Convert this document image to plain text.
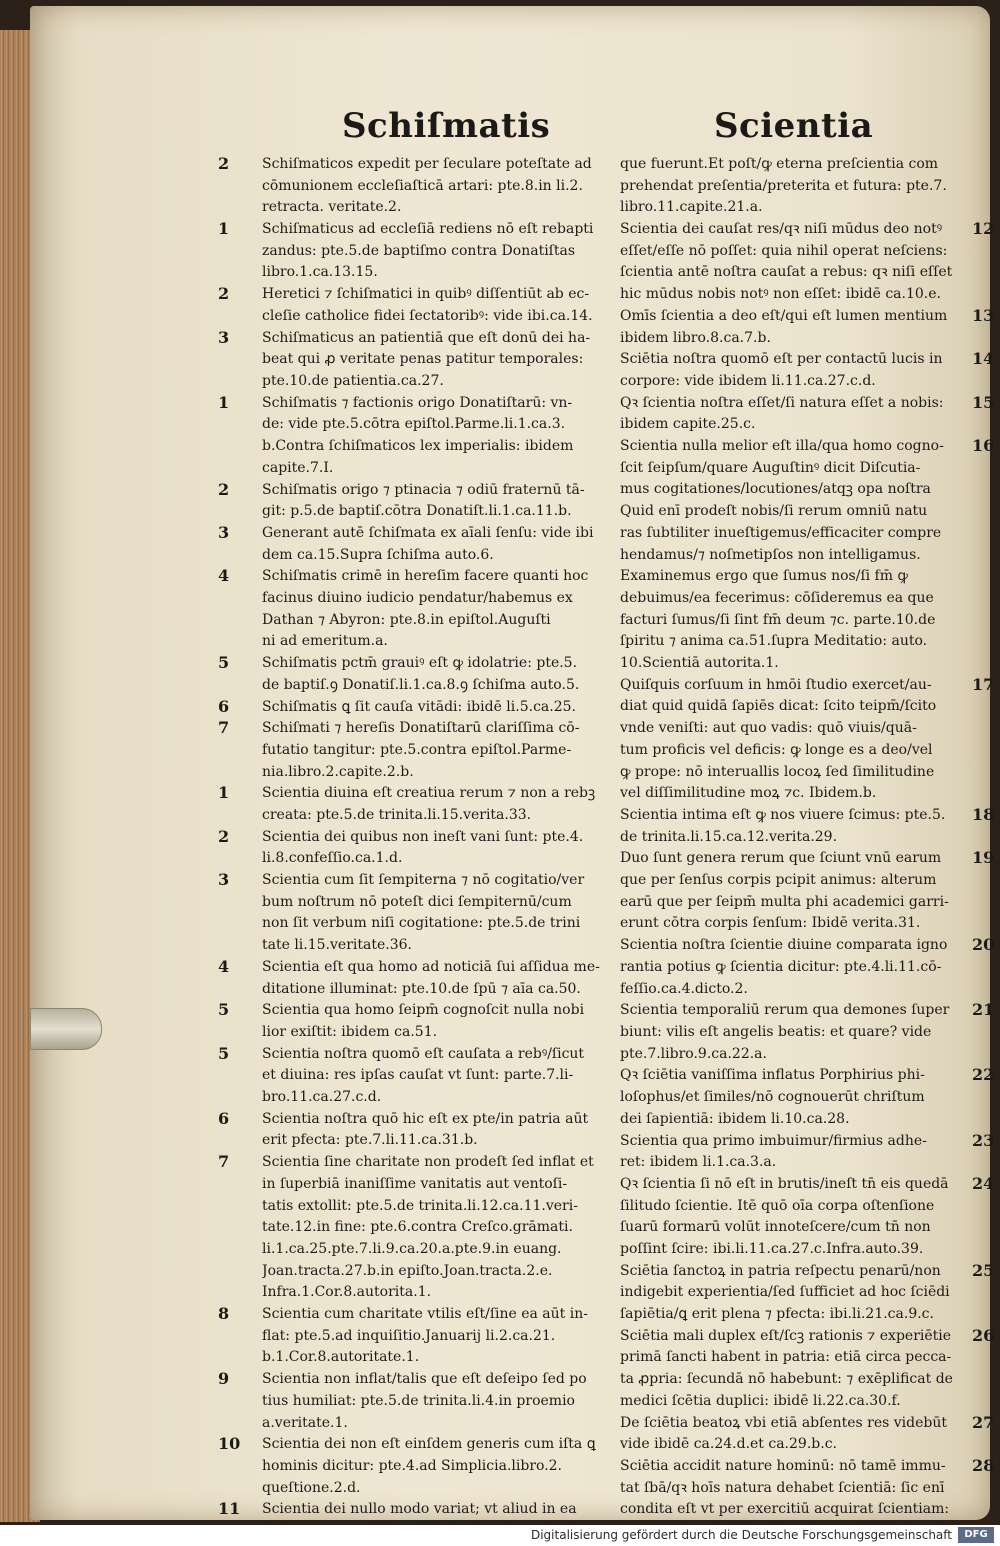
Schiſmatis	Scientia
2 Schiſmaticos expedit per ſeculare poteſtate ad
cōmunionem eccleſiaſticā artari: pte.8.in li.2.
retracta. veritate.2.
1 Schiſmaticus ad eccleſiā rediens nō eſt rebapti
zandus: pte.5.de baptiſmo contra Donatiſtas
libro.1.ca.13.15.
2 Heretici ⁊ ſchiſmatici in quibꝰ diſſentiūt ab ec-
cleſie catholice fidei ſectatoribꝰ: vide ibi.ca.14.
3 Schiſmaticus an patientiā que eſt donū dei ha-
beat qui ꝓ veritate penas patitur temporales:
pte.10.de patientia.ca.27.
1 Schiſmatis ⁊ factionis origo Donatiſtarū: vn-
de: vide pte.5.cōtra epiſtol.Parme.li.1.ca.3.
b.Contra ſchiſmaticos lex imperialis: ibidem
capite.7.I.
2 Schiſmatis origo ⁊ ptinacia ⁊ odiū fraternū tā-
git: p.5.de baptiſ.cōtra Donatiſt.li.1.ca.11.b.
3 Generant autē ſchiſmata ex aīali ſenſu: vide ibi
dem ca.15.Supra ſchiſma auto.6.
4 Schiſmatis crimē in hereſim facere quanti hoc
facinus diuino iudicio pendatur/habemus ex
Dathan ⁊ Abyron: pte.8.in epiſtol.Auguſti
ni ad emeritum.a.
5 Schiſmatis pctm̄ grauiꝰ eſt ꝙ idolatrie: pte.5.
de baptiſ.ꝯ Donatiſ.li.1.ca.8.ꝯ ſchiſma auto.5.
6 Schiſmatis ꝗ ſit cauſa vitādi: ibidē li.5.ca.25.
7 Schiſmati ⁊ hereſis Donatiſtarū clariſſima cō-
futatio tangitur: pte.5.contra epiſtol.Parme-
nia.libro.2.capite.2.b.
1 Scientia diuina eſt creatiua rerum ⁊ non a rebꝫ
creata: pte.5.de trinita.li.15.verita.33.
2 Scientia dei quibus non ineſt vani ſunt: pte.4.
li.8.confeſſio.ca.1.d.
3 Scientia cum ſit ſempiterna ⁊ nō cogitatio/ver
bum noſtrum nō poteſt dici ſempiternū/cum
non ſit verbum niſi cogitatione: pte.5.de trini
tate li.15.veritate.36.
4 Scientia eſt qua homo ad noticiā ſui aſſidua me-
ditatione illuminat: pte.10.de ſpū ⁊ aīa ca.50.
5 Scientia qua homo ſeipm̄ cognoſcit nulla nobi
lior exiſtit: ibidem ca.51.
5 Scientia noſtra quomō eſt cauſata a rebꝰ/ſicut
et diuina: res ipſas cauſat vt ſunt: parte.7.li-
bro.11.ca.27.c.d.
6 Scientia noſtra quō hic eſt ex pte/in patria aūt
erit pfecta: pte.7.li.11.ca.31.b.
7 Scientia ſine charitate non prodeſt ſed inflat et
in ſuperbiā inaniſſime vanitatis aut ventoſi-
tatis extollit: pte.5.de trinita.li.12.ca.11.veri-
tate.12.in fine: pte.6.contra Creſco.grāmati.
li.1.ca.25.pte.7.li.9.ca.20.a.pte.9.in euang.
Joan.tracta.27.b.in epiſto.Joan.tracta.2.e.
Infra.1.Cor.8.autorita.1.
8 Scientia cum charitate vtilis eſt/ſine ea aūt in-
flat: pte.5.ad inquiſitio.Januarij li.2.ca.21.
b.1.Cor.8.autoritate.1.
9 Scientia non inflat/talis que eſt deſeipo ſed po
tius humiliat: pte.5.de trinita.li.4.in proemio
a.veritate.1.
10 Scientia dei non eſt einſdem generis cum iſta ꝗ
hominis dicitur: pte.4.ad Simplicia.libro.2.
queſtione.2.d.
11 Scientia dei nullo modo variat; vt aliud in ea
que fuerunt.Et poſt/ꝙ eterna preſcientia com
prehendat preſentia/preterita et futura: pte.7.
libro.11.capite.21.a.
12
Scientia dei cauſat res/qꝛ niſi mūdus deo notꝰ
eſſet/eſſe nō poſſet: quia nihil operat neſciens:
ſcientia antē noſtra cauſat a rebus: qꝛ niſi eſſet
hic mūdus nobis notꝰ non eſſet: ibidē ca.10.e.
13
Omīs ſcientia a deo eſt/qui eſt lumen mentium
ibidem libro.8.ca.7.b.
14
Sciētia noſtra quomō eſt per contactū lucis in
corpore: vide ibidem li.11.ca.27.c.d.
15
Qꝛ ſcientia noſtra eſſet/ſi natura eſſet a nobis:
ibidem capite.25.c.
16
Scientia nulla melior eſt illa/qua homo cogno-
ſcit ſeipſum/quare Auguſtinꝰ dicit Diſcutia-
mus cogitationes/locutiones/atqꝫ opa noſtra
Quid enī prodeſt nobis/ſi rerum omniū natu
ras ſubtiliter inueſtigemus/efficaciter compre
hendamus/⁊ noſmetipſos non intelligamus.
Examinemus ergo que ſumus nos/ſi fm̄ ꝙ
debuimus/ea fecerimus: cōſideremus ea que
facturi ſumus/ſi ſint fm̄ deum ⁊c. parte.10.de
ſpiritu ⁊ anima ca.51.ſupra Meditatio: auto.
10.Scientiā autorita.1.
17
Quiſquis corſuum in hmōi ſtudio exercet/au-
diat quid quidā ſapiēs dicat: ſcito teipm̄/ſcito
vnde veniſti: aut quo vadis: quō viuis/quā-
tum proficis vel deficis: ꝙ longe es a deo/vel
ꝙ prope: nō interuallis locoꝝ ſed ſimilitudine
vel diſſimilitudine moꝝ ⁊c. Ibidem.b.
18
Scientia intima eſt ꝙ nos viuere ſcimus: pte.5.
de trinita.li.15.ca.12.verita.29.
19
Duo ſunt genera rerum que ſciunt vnū earum
que per ſenſus corpis pcipit animus: alterum
earū que per ſeipm̄ multa phi academici garri-
erunt cōtra corpis ſenſum: Ibidē verita.31.
20
Scientia noſtra ſcientie diuine comparata igno
rantia potius ꝙ ſcientia dicitur: pte.4.li.11.cō-
feſſio.ca.4.dicto.2.
21
Scientia temporaliū rerum qua demones ſuper
biunt: vilis eſt angelis beatis: et quare? vide
pte.7.libro.9.ca.22.a.
22
Qꝛ ſciētia vaniſſima inflatus Porphirius phi-
loſophus/et ſimiles/nō cognouerūt chriſtum
dei ſapientiā: ibidem li.10.ca.28.
23
Scientia qua primo imbuimur/firmius adhe-
ret: ibidem li.1.ca.3.a.
24
Qꝛ ſcientia ſi nō eſt in brutis/ineſt tn̄ eis quedā
ſilitudo ſcientie. Itē quō oīa corpa oſtenſione
ſuarū formarū volūt innoteſcere/cum tn̄ non
poſſint ſcire: ibi.li.11.ca.27.c.Infra.auto.39.
25
Sciētia ſanctoꝝ in patria reſpectu penarū/non
indigebit experientia/ſed ſufficiet ad hoc ſciēdi
ſapiētia/ꝗ erit plena ⁊ pfecta: ibi.li.21.ca.9.c.
26
Sciētia mali duplex eſt/ſcꝫ rationis ⁊ experiētie
primā ſancti habent in patria: etiā circa pecca-
ta ꝓpria: ſecundā nō habebunt: ⁊ exēplificat de
medici ſcētia duplici: ibidē li.22.ca.30.f.
27
De ſciētia beatoꝝ vbi etiā abſentes res videbūt
vide ibidē ca.24.d.et ca.29.b.c.
28
Sciētia accidit nature hominū: nō tamē immu-
tat ſbā/qꝛ hoīs natura dehabet ſcientiā: ſic enī
condita eſt vt per exercitiū acquirat ſcientiam:
Digitalisierung gefördert durch die Deutsche Forschungsgemeinschaft	DFG
